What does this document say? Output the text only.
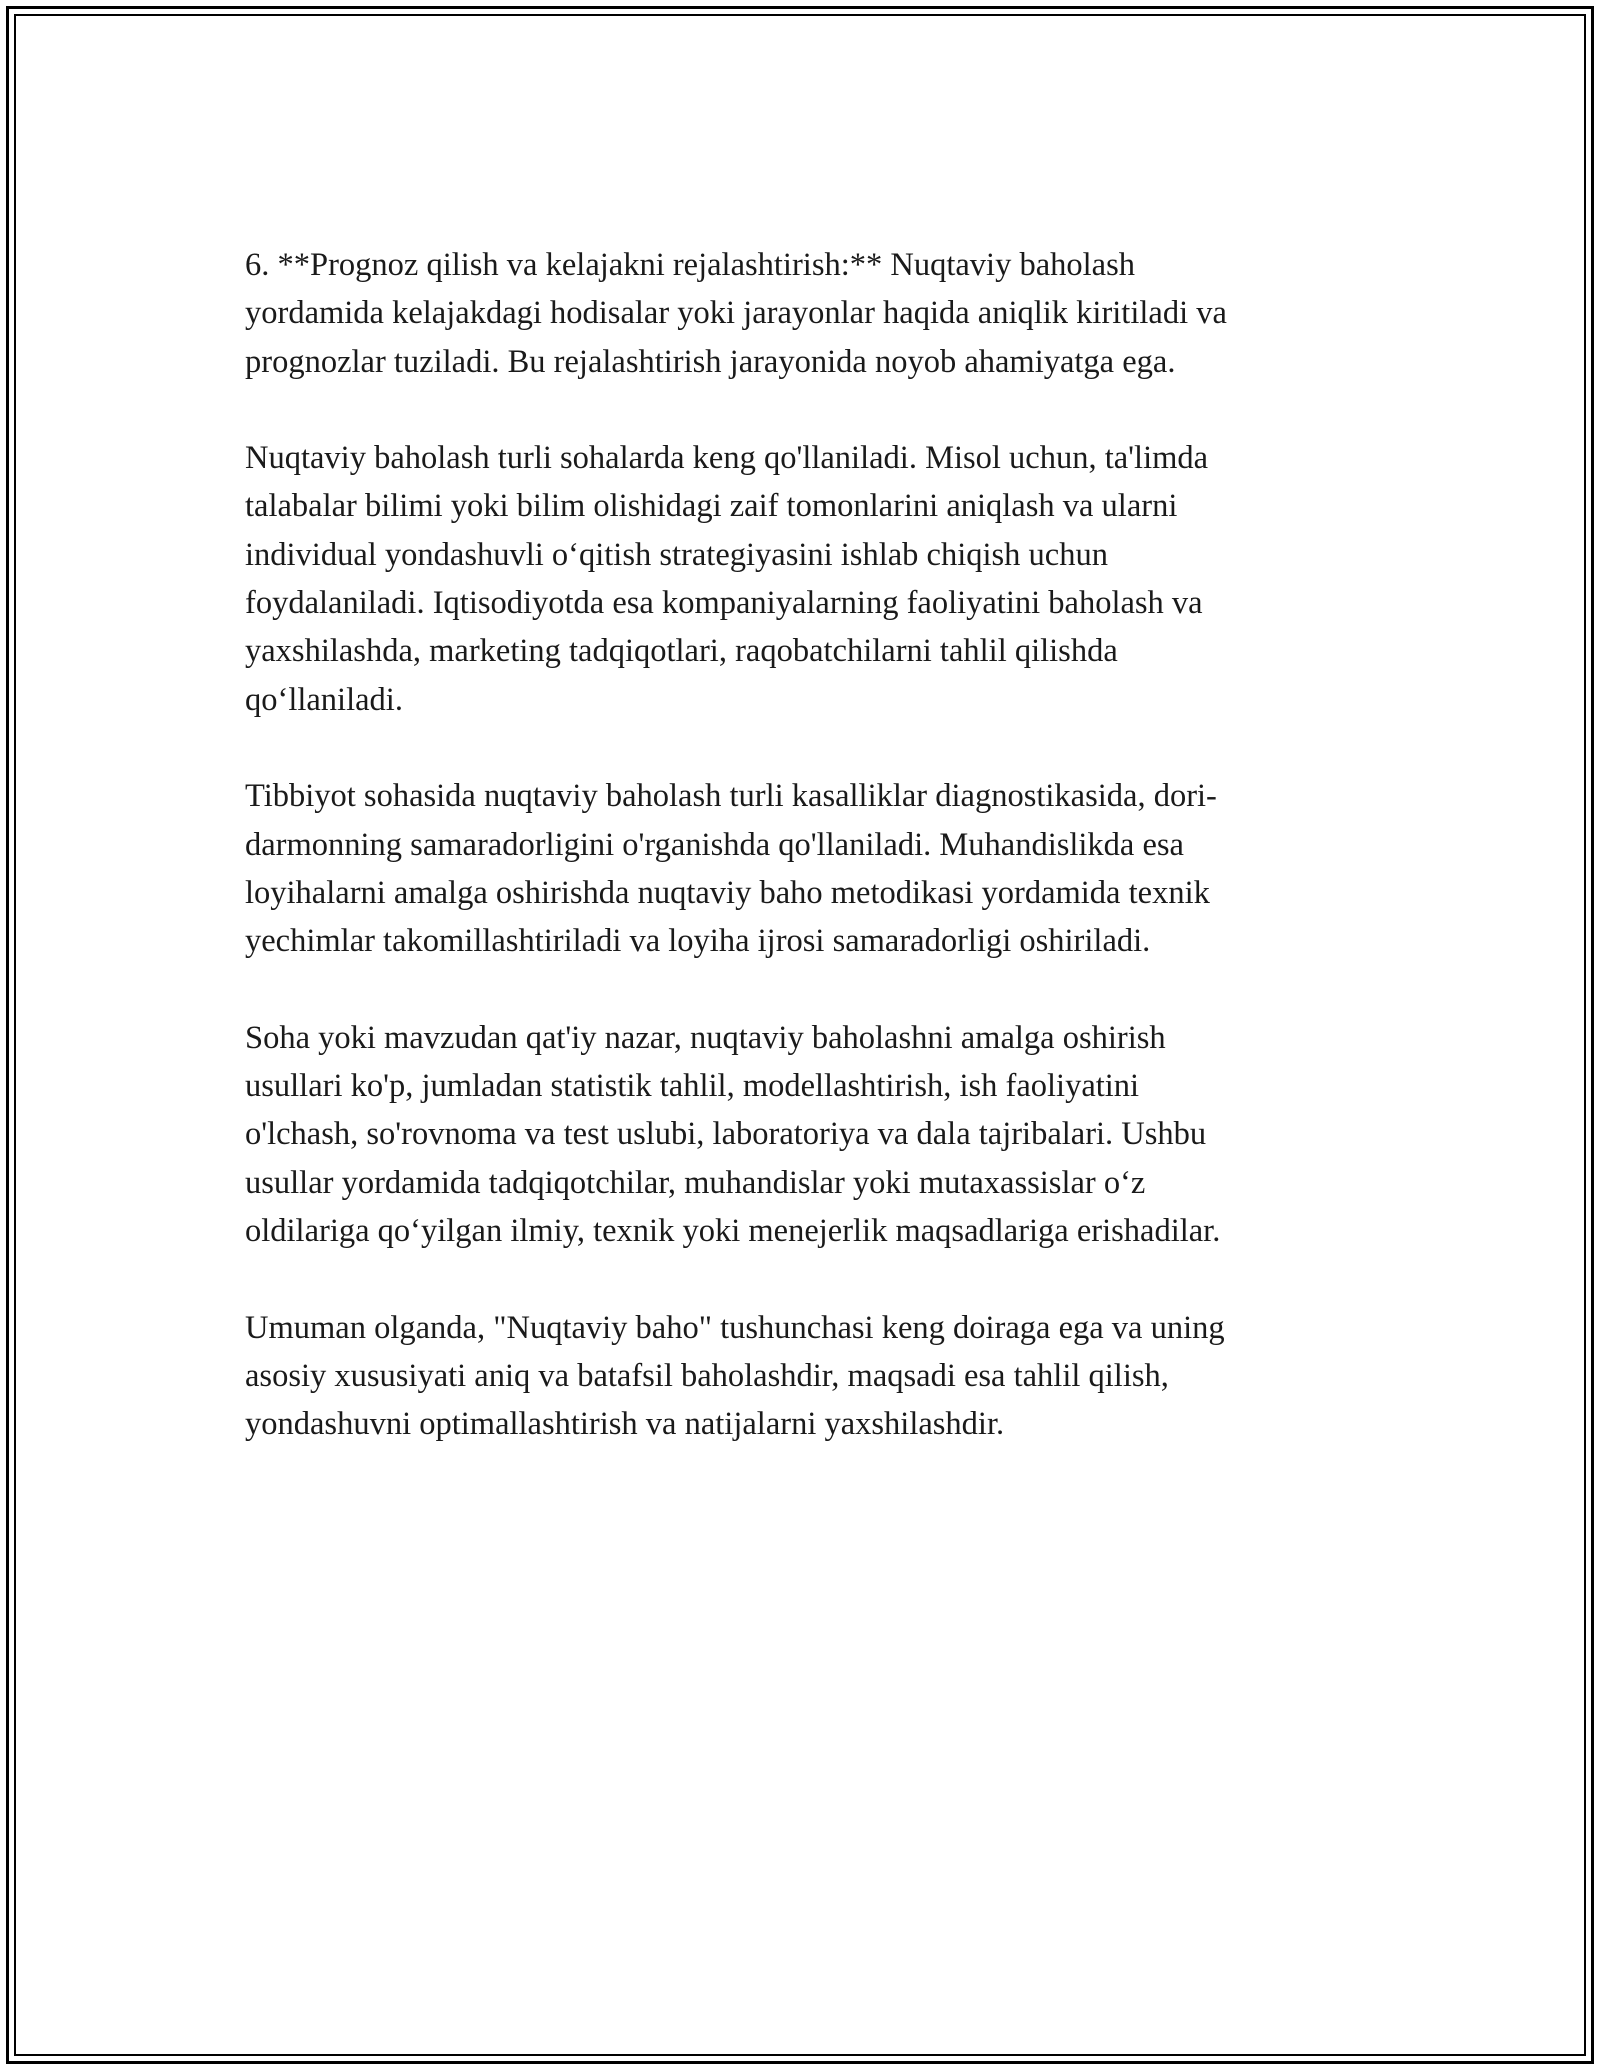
6. **Prognoz qilish va kelajakni rejalashtirish:** Nuqtaviy baholash
yordamida kelajakdagi hodisalar yoki jarayonlar haqida aniqlik kiritiladi va
prognozlar tuziladi. Bu rejalashtirish jarayonida noyob ahamiyatga ega.

Nuqtaviy baholash turli sohalarda keng qo'llaniladi. Misol uchun, ta'limda
talabalar bilimi yoki bilim olishidagi zaif tomonlarini aniqlash va ularni
individual yondashuvli o‘qitish strategiyasini ishlab chiqish uchun
foydalaniladi. Iqtisodiyotda esa kompaniyalarning faoliyatini baholash va
yaxshilashda, marketing tadqiqotlari, raqobatchilarni tahlil qilishda
qo‘llaniladi.

Tibbiyot sohasida nuqtaviy baholash turli kasalliklar diagnostikasida, dori-
darmonning samaradorligini o'rganishda qo'llaniladi. Muhandislikda esa
loyihalarni amalga oshirishda nuqtaviy baho metodikasi yordamida texnik
yechimlar takomillashtiriladi va loyiha ijrosi samaradorligi oshiriladi.

Soha yoki mavzudan qat'iy nazar, nuqtaviy baholashni amalga oshirish
usullari ko'p, jumladan statistik tahlil, modellashtirish, ish faoliyatini
o'lchash, so'rovnoma va test uslubi, laboratoriya va dala tajribalari. Ushbu
usullar yordamida tadqiqotchilar, muhandislar yoki mutaxassislar o‘z
oldilariga qo‘yilgan ilmiy, texnik yoki menejerlik maqsadlariga erishadilar.

Umuman olganda, "Nuqtaviy baho" tushunchasi keng doiraga ega va uning
asosiy xususiyati aniq va batafsil baholashdir, maqsadi esa tahlil qilish,
yondashuvni optimallashtirish va natijalarni yaxshilashdir.
